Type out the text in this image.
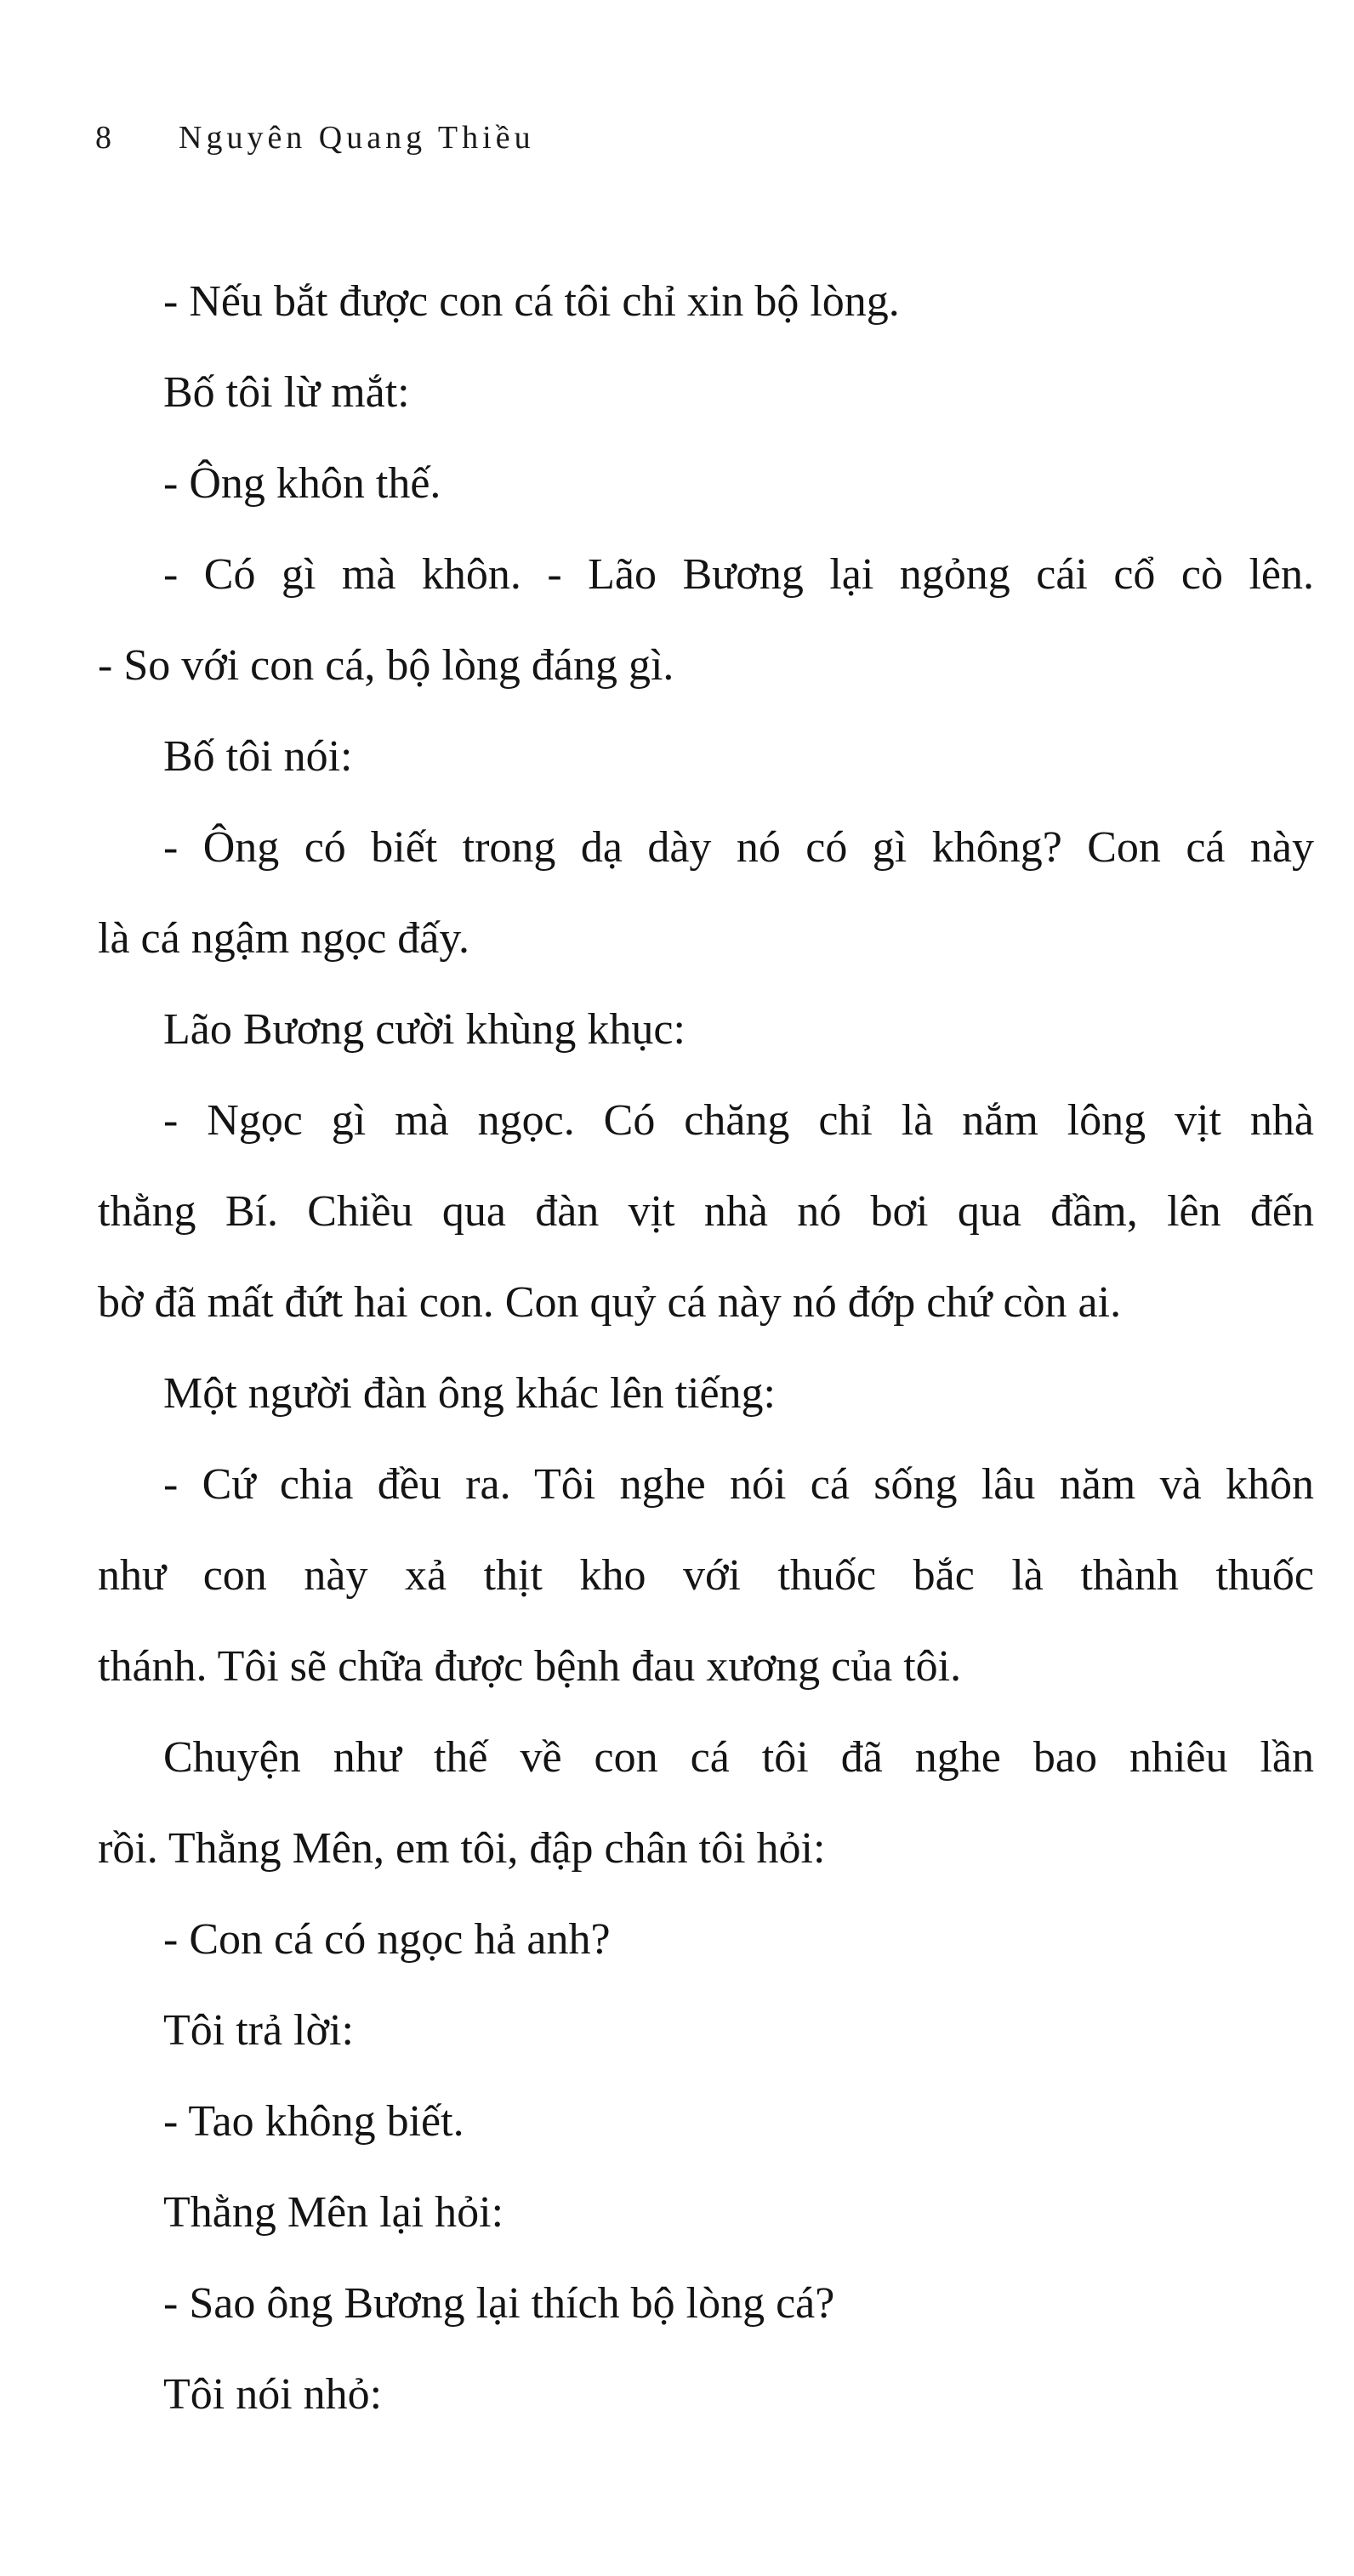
8 Nguyên Quang Thiều
- Nếu bắt được con cá tôi chỉ xin bộ lòng.
Bố tôi lừ mắt:
- Ông khôn thế.
- Có gì mà khôn. - Lão Bương lại ngỏng cái cổ cò lên.
- So với con cá, bộ lòng đáng gì.
Bố tôi nói:
- Ông có biết trong dạ dày nó có gì không? Con cá này
là cá ngậm ngọc đấy.
Lão Bương cười khùng khục:
- Ngọc gì mà ngọc. Có chăng chỉ là nắm lông vịt nhà
thằng Bí. Chiều qua đàn vịt nhà nó bơi qua đầm, lên đến
bờ đã mất đứt hai con. Con quỷ cá này nó đớp chứ còn ai.
Một người đàn ông khác lên tiếng:
- Cứ chia đều ra. Tôi nghe nói cá sống lâu năm và khôn
như con này xả thịt kho với thuốc bắc là thành thuốc
thánh. Tôi sẽ chữa được bệnh đau xương của tôi.
Chuyện như thế về con cá tôi đã nghe bao nhiêu lần
rồi. Thằng Mên, em tôi, đập chân tôi hỏi:
- Con cá có ngọc hả anh?
Tôi trả lời:
- Tao không biết.
Thằng Mên lại hỏi:
- Sao ông Bương lại thích bộ lòng cá?
Tôi nói nhỏ:
